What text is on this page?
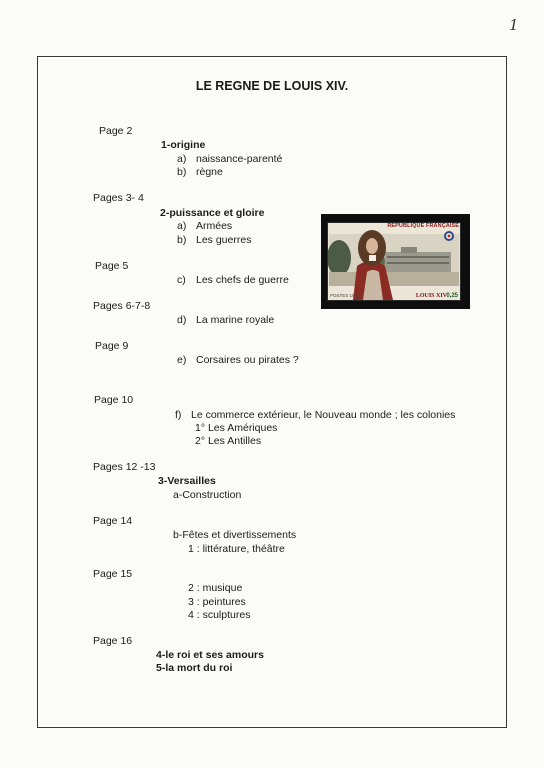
1
LE REGNE DE LOUIS XIV.
Page 2
1-origine
a) naissance-parenté
b) règne
Pages 3- 4
2-puissance et gloire
a) Armées
b) Les guerres
Page 5
c) Les chefs de guerre
Pages 6-7-8
d) La marine royale
Page 9
e) Corsaires ou pirates ?
Page 10
f) Le commerce extérieur, le Nouveau monde ; les colonies
1° Les Amériques
2° Les Antilles
Pages 12 -13
3-Versailles
a-Construction
Page 14
b-Fêtes et divertissements
1 : littérature, théâtre
Page 15
2 : musique
3 : peintures
4 : sculptures
Page 16
4-le roi et ses amours
5-la mort du roi
RÉPUBLIQUE FRANÇAISE
POSTES 1965	LOUIS XIV 0,25
